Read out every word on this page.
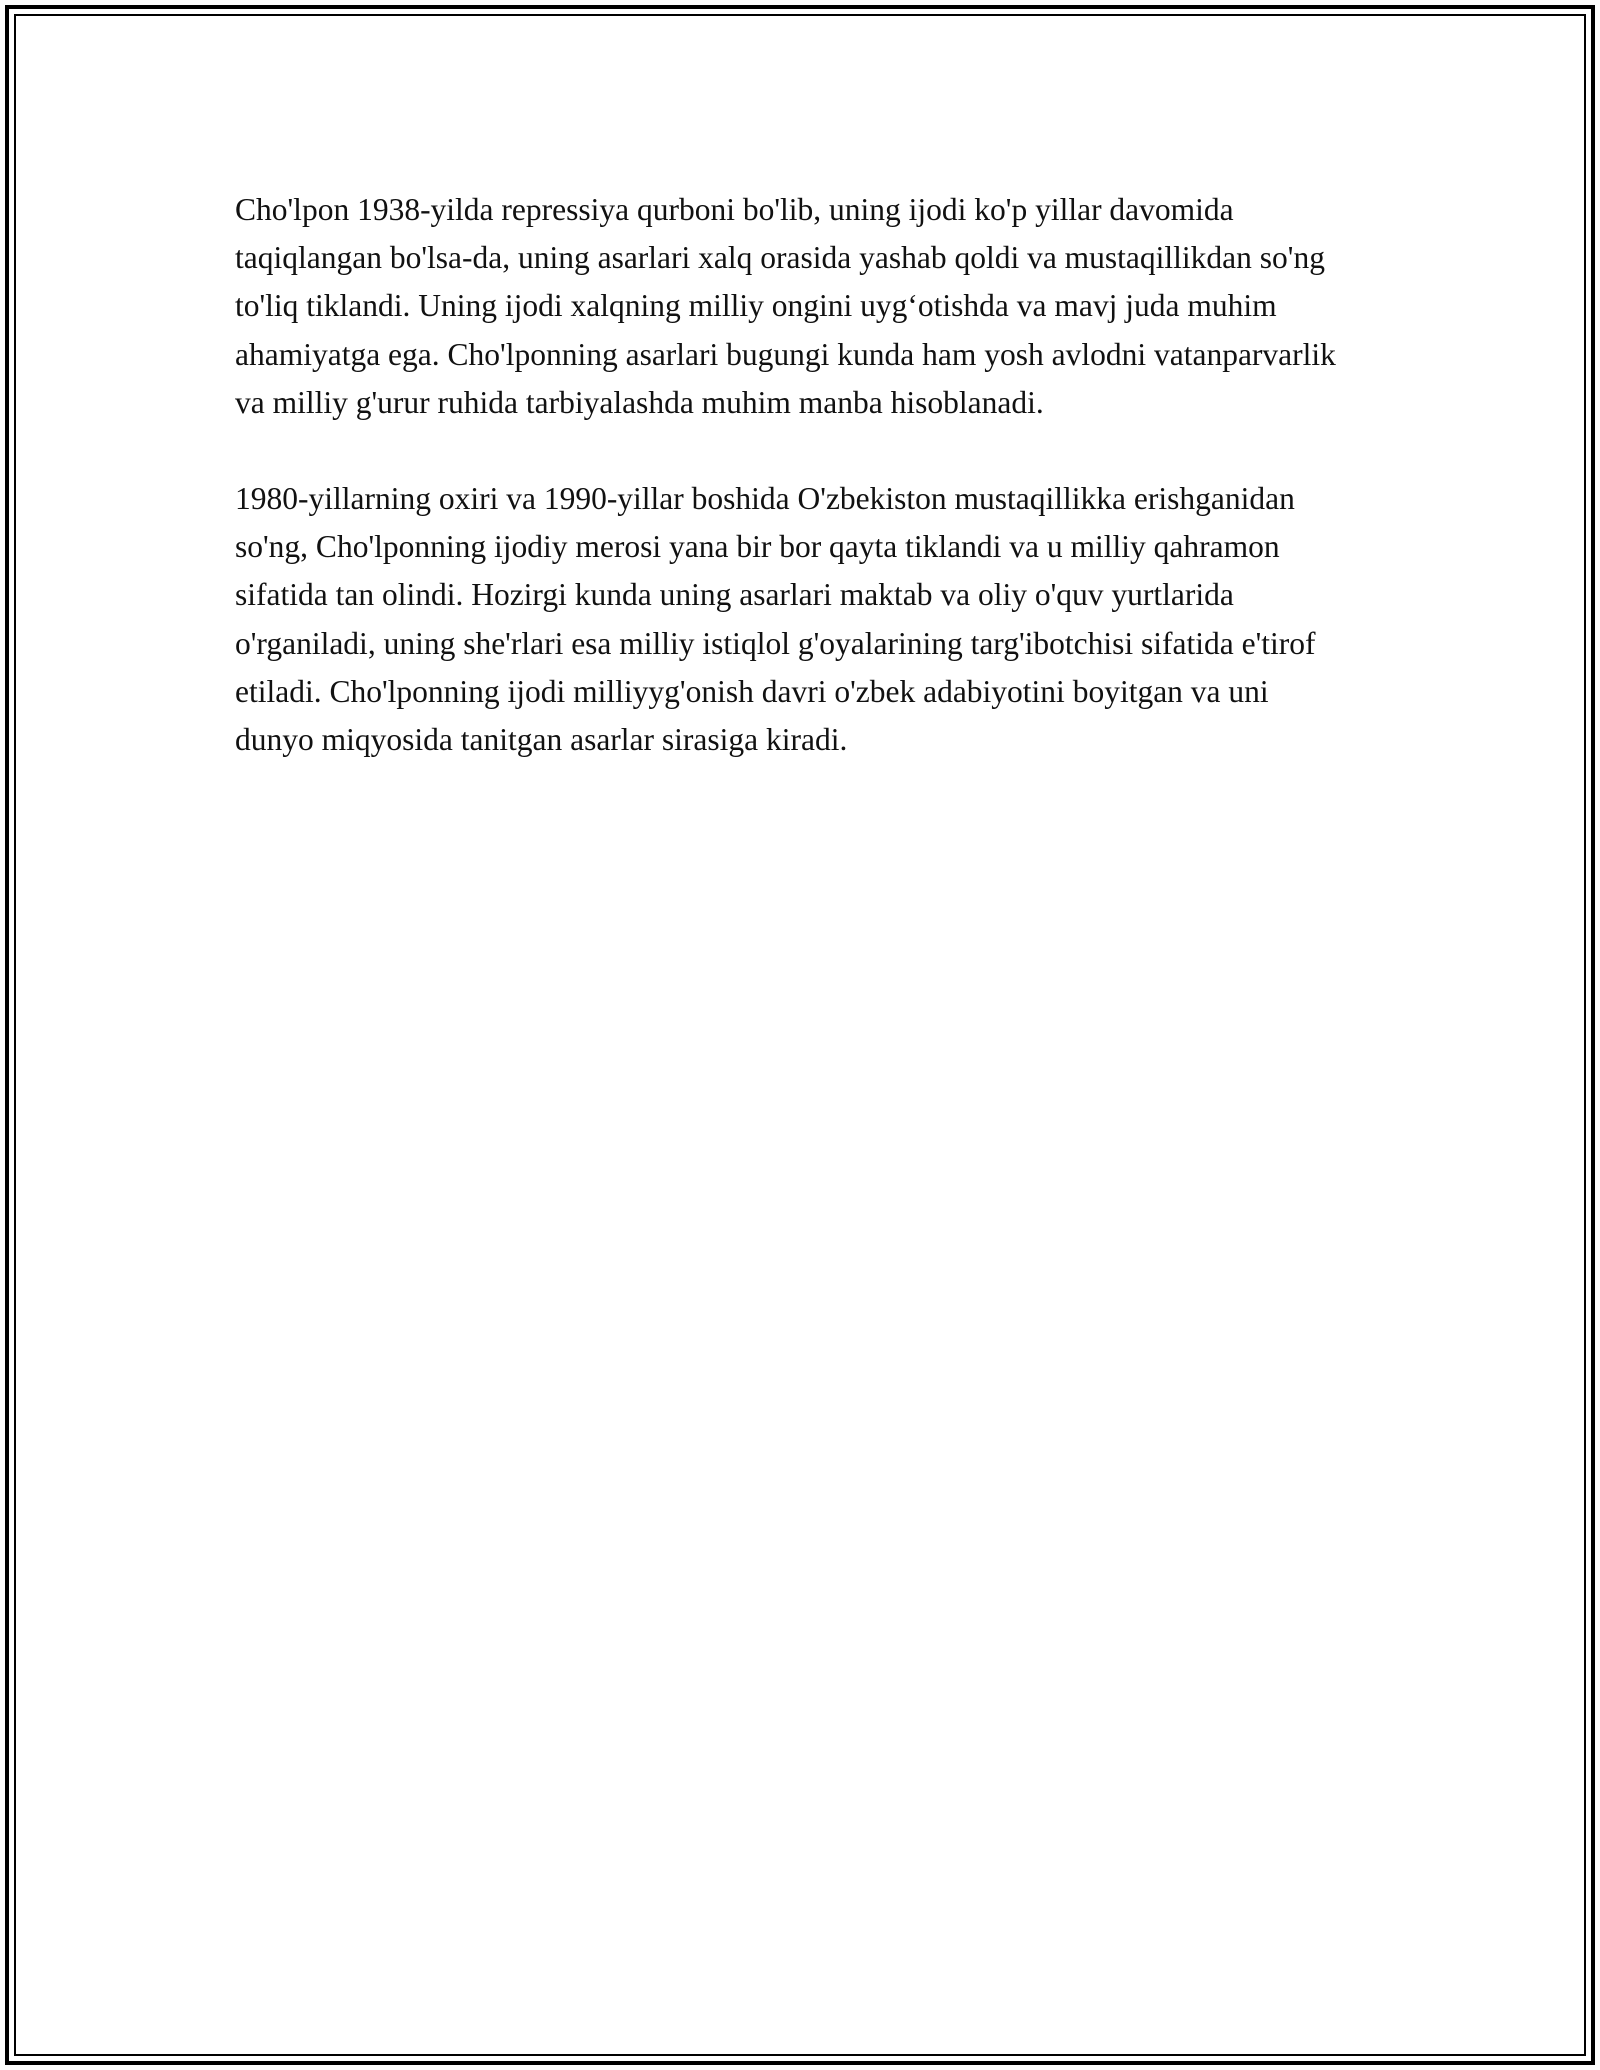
Cho'lpon 1938-yilda repressiya qurboni bo'lib, uning ijodi ko'p yillar davomida taqiqlangan bo'lsa-da, uning asarlari xalq orasida yashab qoldi va mustaqillikdan so'ng to'liq tiklandi. Uning ijodi xalqning milliy ongini uyg‘otishda va mavj juda muhim ahamiyatga ega. Cho'lponning asarlari bugungi kunda ham yosh avlodni vatanparvarlik va milliy g'urur ruhida tarbiyalashda muhim manba hisoblanadi.

1980-yillarning oxiri va 1990-yillar boshida O'zbekiston mustaqillikka erishganidan so'ng, Cho'lponning ijodiy merosi yana bir bor qayta tiklandi va u milliy qahramon sifatida tan olindi. Hozirgi kunda uning asarlari maktab va oliy o'quv yurtlarida o'rganiladi, uning she'rlari esa milliy istiqlol g'oyalarining targ'ibotchisi sifatida e'tirof etiladi. Cho'lponning ijodi milliyyg'onish davri o'zbek adabiyotini boyitgan va uni dunyo miqyosida tanitgan asarlar sirasiga kiradi.
